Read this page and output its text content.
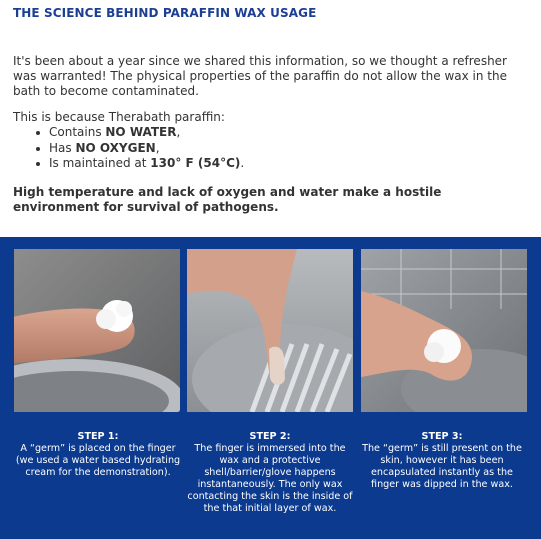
THE SCIENCE BEHIND PARAFFIN WAX USAGE

It's been about a year since we shared this information, so we thought a refresher was warranted! The physical properties of the paraffin do not allow the wax in the bath to become contaminated.

This is because Therabath paraffin:

Contains NO WATER,
Has NO OXYGEN,
Is maintained at 130° F (54°C).

High temperature and lack of oxygen and water make a hostile environment for survival of pathogens.

STEP 1:
A “germ” is placed on the finger (we used a water based hydrating cream for the demonstration).
STEP 2:
The finger is immersed into the wax and a protective shell/barrier/glove happens instantaneously. The only wax contacting the skin is the inside of the that initial layer of wax.
STEP 3:
The “germ” is still present on the skin, however it has been encapsulated instantly as the finger was dipped in the wax.
